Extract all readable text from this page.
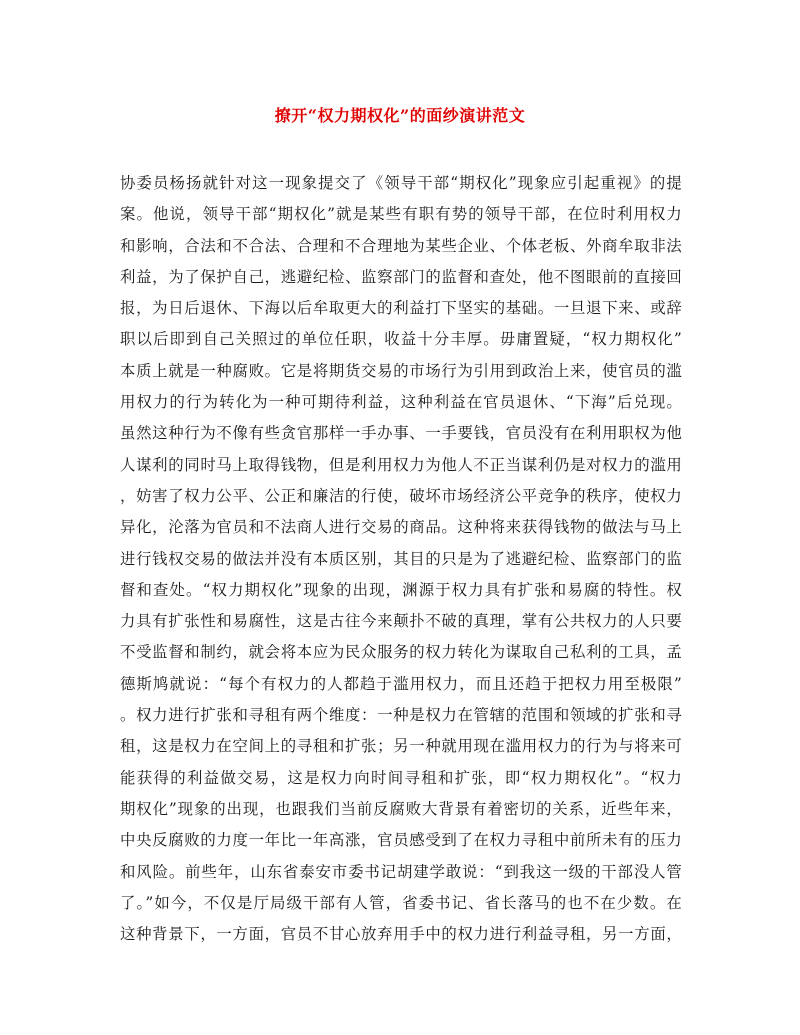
撩开“权力期权化”的面纱演讲范文
协委员杨扬就针对这一现象提交了《领导干部“期权化”现象应引起重视》的提
案。他说，领导干部“期权化”就是某些有职有势的领导干部，在位时利用权力
和影响，合法和不合法、合理和不合理地为某些企业、个体老板、外商牟取非法
利益，为了保护自己，逃避纪检、监察部门的监督和查处，他不图眼前的直接回
报，为日后退休、下海以后牟取更大的利益打下坚实的基础。一旦退下来、或辞
职以后即到自己关照过的单位任职，收益十分丰厚。毋庸置疑，“权力期权化”
本质上就是一种腐败。它是将期货交易的市场行为引用到政治上来，使官员的滥
用权力的行为转化为一种可期待利益，这种利益在官员退休、“下海”后兑现。
虽然这种行为不像有些贪官那样一手办事、一手要钱，官员没有在利用职权为他
人谋利的同时马上取得钱物，但是利用权力为他人不正当谋利仍是对权力的滥用
，妨害了权力公平、公正和廉洁的行使，破坏市场经济公平竞争的秩序，使权力
异化，沦落为官员和不法商人进行交易的商品。这种将来获得钱物的做法与马上
进行钱权交易的做法并没有本质区别，其目的只是为了逃避纪检、监察部门的监
督和查处。“权力期权化”现象的出现，渊源于权力具有扩张和易腐的特性。权
力具有扩张性和易腐性，这是古往今来颠扑不破的真理，掌有公共权力的人只要
不受监督和制约，就会将本应为民众服务的权力转化为谋取自己私利的工具，孟
德斯鸠就说：“每个有权力的人都趋于滥用权力，而且还趋于把权力用至极限”
。权力进行扩张和寻租有两个维度：一种是权力在管辖的范围和领域的扩张和寻
租，这是权力在空间上的寻租和扩张；另一种就用现在滥用权力的行为与将来可
能获得的利益做交易，这是权力向时间寻租和扩张，即“权力期权化”。“权力
期权化”现象的出现，也跟我们当前反腐败大背景有着密切的关系，近些年来，
中央反腐败的力度一年比一年高涨，官员感受到了在权力寻租中前所未有的压力
和风险。前些年，山东省泰安市委书记胡建学敢说：“到我这一级的干部没人管
了。”如今，不仅是厅局级干部有人管，省委书记、省长落马的也不在少数。在
这种背景下，一方面，官员不甘心放弃用手中的权力进行利益寻租，另一方面，
